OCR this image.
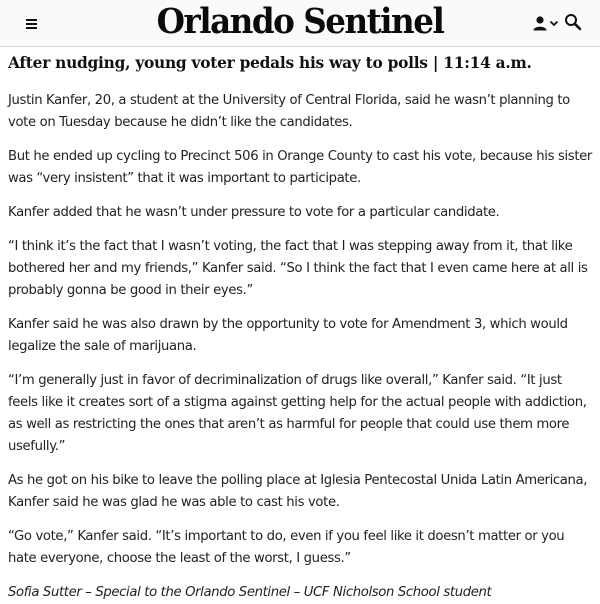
Orlando Sentinel
After nudging, young voter pedals his way to polls | 11:14 a.m.

Justin Kanfer, 20, a student at the University of Central Florida, said he wasn’t planning to vote on Tuesday because he didn’t like the candidates.

But he ended up cycling to Precinct 506 in Orange County to cast his vote, because his sister was “very insistent” that it was important to participate.

Kanfer added that he wasn’t under pressure to vote for a particular candidate.

“I think it’s the fact that I wasn’t voting, the fact that I was stepping away from it, that like bothered her and my friends,” Kanfer said. “So I think the fact that I even came here at all is probably gonna be good in their eyes.”

Kanfer said he was also drawn by the opportunity to vote for Amendment 3, which would legalize the sale of marijuana.

“I’m generally just in favor of decriminalization of drugs like overall,” Kanfer said. “It just feels like it creates sort of a stigma against getting help for the actual people with addiction, as well as restricting the ones that aren’t as harmful for people that could use them more usefully.”

As he got on his bike to leave the polling place at Iglesia Pentecostal Unida Latin Americana, Kanfer said he was glad he was able to cast his vote.

“Go vote,” Kanfer said. “It’s important to do, even if you feel like it doesn’t matter or you hate everyone, choose the least of the worst, I guess.”

Sofia Sutter – Special to the Orlando Sentinel – UCF Nicholson School student
